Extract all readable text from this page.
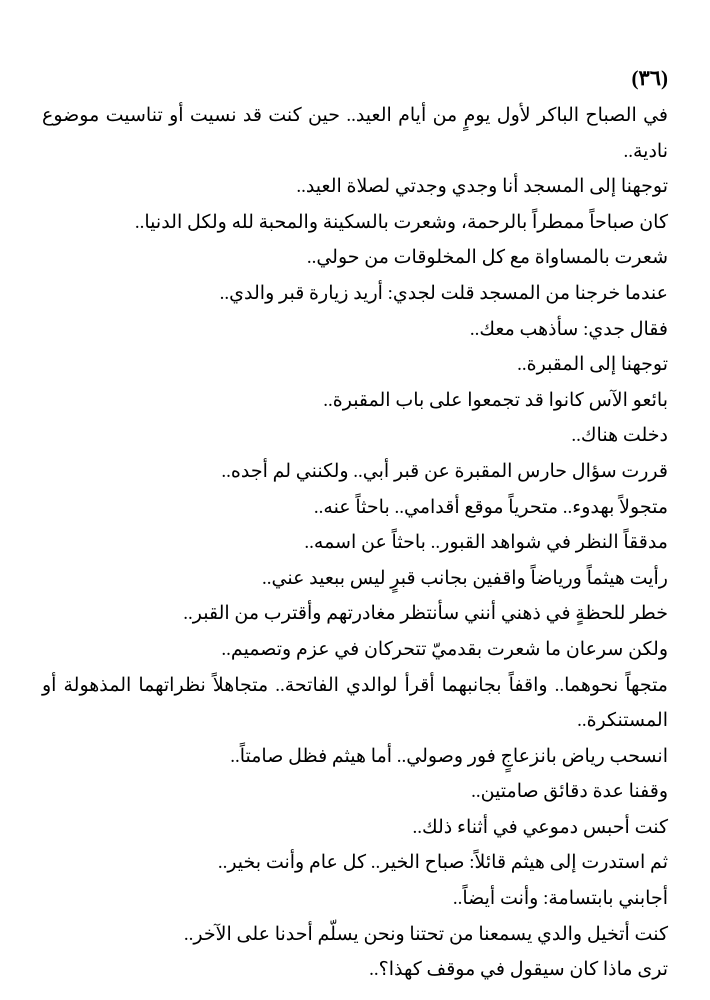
(٣٦)

في الصباح الباكر لأول يومٍ من أيام العيد.. حين كنت قد نسيت أو تناسيت موضوع نادية..

توجهنا إلى المسجد أنا وجدي وجدتي لصلاة العيد..

كان صباحاً ممطراً بالرحمة، وشعرت بالسكينة والمحبة لله ولكل الدنيا..

شعرت بالمساواة مع كل المخلوقات من حولي..

عندما خرجنا من المسجد قلت لجدي: أريد زيارة قبر والدي..

فقال جدي: سأذهب معك..

توجهنا إلى المقبرة..

بائعو الآس كانوا قد تجمعوا على باب المقبرة..

دخلت هناك..

قررت سؤال حارس المقبرة عن قبر أبي.. ولكنني لم أجده..

متجولاً بهدوء.. متحرياً موقع أقدامي.. باحثاً عنه..

مدققاً النظر في شواهد القبور.. باحثاً عن اسمه..

رأيت هيثماً ورياضاً واقفين بجانب قبرٍ ليس ببعيد عني..

خطر للحظةٍ في ذهني أنني سأنتظر مغادرتهم وأقترب من القبر..

ولكن سرعان ما شعرت بقدميّ تتحركان في عزم وتصميم..

متجهاً نحوهما.. واقفاً بجانبهما أقرأ لوالدي الفاتحة.. متجاهلاً نظراتهما المذهولة أو المستنكرة..

انسحب رياض بانزعاجٍ فور وصولي.. أما هيثم فظل صامتاً..

وقفنا عدة دقائق صامتين..

كنت أحبس دموعي في أثناء ذلك..

ثم استدرت إلى هيثم قائلاً: صباح الخير.. كل عام وأنت بخير..

أجابني بابتسامة: وأنت أيضاً..

كنت أتخيل والدي يسمعنا من تحتنا ونحن يسلّم أحدنا على الآخر..

ترى ماذا كان سيقول في موقف كهذا؟..
